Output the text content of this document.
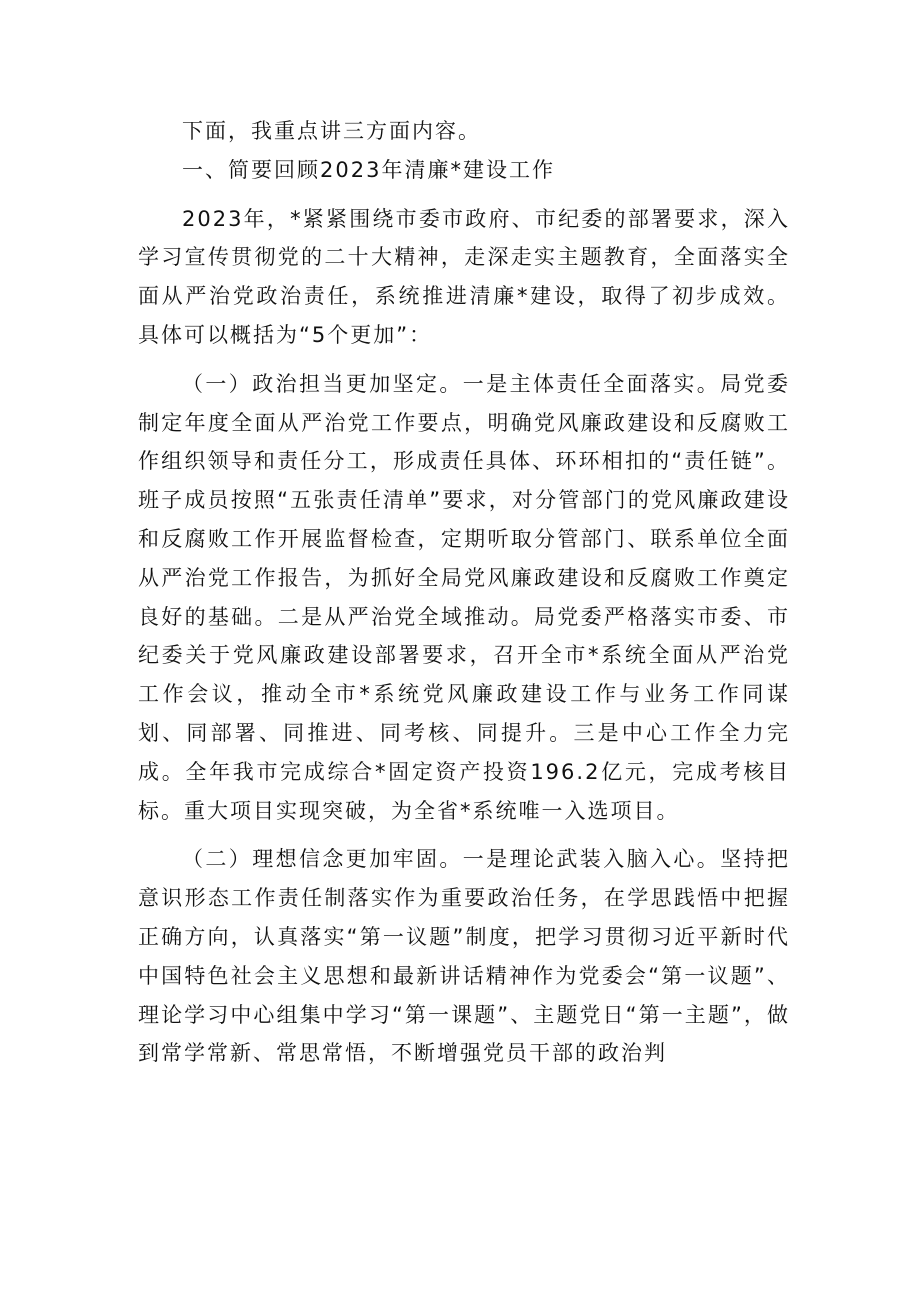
下面，我重点讲三方面内容。

一、简要回顾2023年清廉*建设工作

2023年，*紧紧围绕市委市政府、市纪委的部署要求，深入学习宣传贯彻党的二十大精神，走深走实主题教育，全面落实全面从严治党政治责任，系统推进清廉*建设，取得了初步成效。具体可以概括为“5个更加”：

（一）政治担当更加坚定。一是主体责任全面落实。局党委制定年度全面从严治党工作要点，明确党风廉政建设和反腐败工作组织领导和责任分工，形成责任具体、环环相扣的“责任链”。班子成员按照“五张责任清单”要求，对分管部门的党风廉政建设和反腐败工作开展监督检查，定期听取分管部门、联系单位全面从严治党工作报告，为抓好全局党风廉政建设和反腐败工作奠定良好的基础。二是从严治党全域推动。局党委严格落实市委、市纪委关于党风廉政建设部署要求，召开全市*系统全面从严治党工作会议，推动全市*系统党风廉政建设工作与业务工作同谋划、同部署、同推进、同考核、同提升。三是中心工作全力完成。全年我市完成综合*固定资产投资196.2亿元，完成考核目标。重大项目实现突破，为全省*系统唯一入选项目。

（二）理想信念更加牢固。一是理论武装入脑入心。坚持把意识形态工作责任制落实作为重要政治任务，在学思践悟中把握正确方向，认真落实“第一议题”制度，把学习贯彻习近平新时代中国特色社会主义思想和最新讲话精神作为党委会“第一议题”、理论学习中心组集中学习“第一课题”、主题党日“第一主题”，做到常学常新、常思常悟，不断增强党员干部的政治判
